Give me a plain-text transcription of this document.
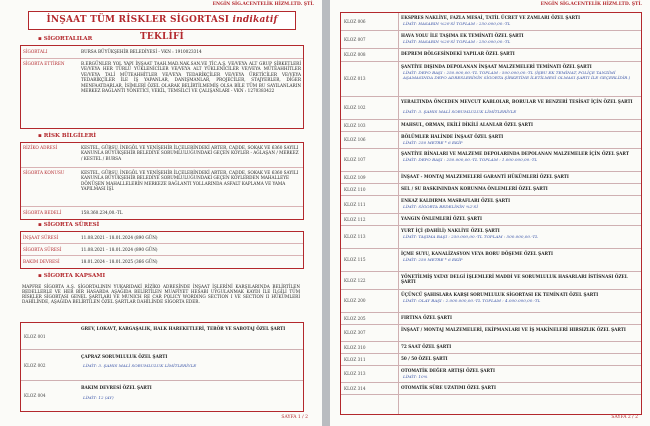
ENGİN SİG.ACENTELİK HİZM.LTD. ŞTİ.
İNŞAAT TÜM RİSKLER SİGORTASI indikatif TEKLİFİ
▪ SİGORTALILAR
SİGORTALI	BURSA BÜYÜKŞEHİR BELEDİYESİ - VKN : 1910023314
SİGORTA ETTİREN	B.ERGÜNLER YOL YAPI İNŞAAT TAAH.MAD.NAK.SAN.VE TİC.A.Ş. VE/VEYA ALT GRUP ŞİRKETLERİ VE/VEYA HER TÜRLÜ YÜKLENİCİLER VE/VEYA ALT YÜKLENİCİLER VE/VEYA MÜTEAHHİTLER VE/VEYA TALİ MÜTEAHHİTLER VE/VEYA TEDARİKÇİLER VE/VEYA ÜRETİCİLER VE/VEYA TEDARİKÇİLER İLE İŞ YAPANLAR, DANIŞMANLAR, PROJECİLER, STAJYERLER, DİĞER MENFAATDARLAR, İSİMLERİ ÖZEL OLARAK BELİRTİLMEMİŞ OLSA BİLE TÜM BU SAYILANLARIN MERKEZ BAĞLANTI YÖNETİCİ, VEKİL, TEMSİLCİ VE ÇALIŞANLARI - VKN : 1270383422
▪ RİSK BİLGİLERİ
RİZİKO ADRESİ	KESTEL, GÜRSU, İNEGÖL VE YENİŞEHİR İLÇELERİNDEKİ ARTER, CADDE, SOKAK VE 6360 SAYILI KANUNLA BÜYÜKŞEHİR BELEDİYE SORUMLULUĞUNDAKİ GEÇEN KÖYLER - AĞLAŞAN / MERKEZ / KESTEL / BURSA
SİGORTA KONUSU	KESTEL, GÜRSU, İNEGÖL VE YENİŞEHİR İLÇELERİNDEKİ ARTER, CADDE, SOKAK VE 6360 SAYILI KANUNLA BÜYÜKŞEHİR BELEDİYE SORUMLULUĞUNDAKİ GEÇEN KÖYLERDEN MAHALLEYE DÖNÜŞEN MAHALLELERİN MERKEZE BAĞLANTI YOLLARINDA ASFALT KAPLAMA VE YAMA YAPILMASI İŞİ.
SİGORTA BEDELİ	158.360.234,00.-TL
▪ SİGORTA SÜRESİ
İNŞAAT SÜRESİ	11.08.2021 - 18.01.2024 (890 GÜN)
SİGORTA SÜRESİ	11.08.2021 - 18.01.2024 (890 GÜN)
BAKIM DEVRESİ	18.01.2024 - 18.01.2025 (366 GÜN)
▪ SİGORTA KAPSAMI
MAPFRE SİGORTA A.Ş. SİGORTALININ YUKARIDAKİ RİZİKO ADRESİNDE İNŞAAT İŞLERİNİ KARŞILARINDA BELİRTİLEN BEDELLERLE VE HER BİR HASARDA AŞAĞIDA BELİRTİLEN MUAFİYET HESABI UYGULANMAK KAYDI İLE İLGİLİ TÜM RİSKLER SİGORTASI GENEL ŞARTLARI VE MUNICH RE CAR POLICY WORDING SECTION I VE SECTION II HÜKÜMLERİ DAHİLİNDE, AŞAĞIDA BELİRTİLEN ÖZEL ŞARTLAR DAHİLİNDE SİGORTA EDER.
KLOZ 001
GREV, LOKAVT, KARGAŞALIK, HALK HAREKETLERİ, TERÖR VE SABOTAJ ÖZEL ŞARTI
KLOZ 002
ÇAPRAZ SORUMLULUK ÖZEL ŞARTI
LİMİT: 3. ŞAHIS MALİ SORUMLULUK LİMİTLERİYLE
KLOZ 004
BAKIM DEVRESİ ÖZEL ŞARTI
LİMİT: 12 (AY)
SAYFA 1 / 2
ENGİN SİG.ACENTELİK HİZM.LTD. ŞTİ.
KLOZ 006
EKSPRES NAKLİYE, FAZLA MESAİ, TATİL ÜCRET VE ZAMLARI ÖZEL ŞARTI
LİMİT: HASARIN %20'Sİ TOPLAM : 250.000,00.-TL
KLOZ 007
HAVA YOLU İLE TAŞIMA EK TEMİNATI ÖZEL ŞARTI
LİMİT: HASARIN %20'Sİ TOPLAM : 250.000,00.-TL
KLOZ 008	DEPREM BÖLGESİNDEKİ YAPILAR ÖZEL ŞARTI
KLOZ 013
ŞANTİYE DIŞINDA DEPOLANAN İNŞAAT MALZEMELERİ TEMİNATI ÖZEL ŞARTI
LİMİT: DEPO BAŞI : 250.000,00.-TL TOPLAM : 500.000,00.-TL (İŞBU EK TEMİNAT, POLİÇE TANZİMİ AŞAMASINDA DEPO ADRESLERİNİN SİGORTA ŞİRKETİNE İLETİLMESİ OLMASI ŞARTI İLE GEÇERLİDİR.)
KLOZ 102
YERALTINDA ÖNCEDEN MEVCUT KABLOLAR, BORULAR VE BENZERİ TESİSAT İÇİN ÖZEL ŞARTI
LİMİT: 3. ŞAHIS MALİ SORUMLULUK LİMİTLERİYLE
KLOZ 103	MAHSUL, ORMAN, EKİLİ DİKİLİ ALANLAR ÖZEL ŞARTI
KLOZ 106
BÖLÜMLER HALİNDE İNŞAAT ÖZEL ŞARTI
LİMİT: 250 METRE * 6 EKİP
KLOZ 107
ŞANTİYE BİNALARI VE MALZEME DEPOLARINDA DEPOLANAN MALZEMELER İÇİN ÖZEL ŞART
LİMİT: DEPO BAŞI : 250.000,00.-TL TOPLAM : 1.000.000,00.-TL
KLOZ 109	İNŞAAT - MONTAJ MALZEMELERİ GARANTİ HÜKÜMLERİ ÖZEL ŞARTI
KLOZ 110	SEL / SU BASKININDAN KORUNMA ÖNLEMLERİ ÖZEL ŞARTI
KLOZ 111
ENKAZ KALDIRMA MASRAFLARI ÖZEL ŞARTI
LİMİT: SİGORTA BEDELİNİN %2'Sİ
KLOZ 112	YANGIN ÖNLEMLERİ ÖZEL ŞARTI
KLOZ 113
YURT İÇİ (DAHİLİ) NAKLİYE ÖZEL ŞARTI
LİMİT: TAŞIMA BAŞI : 250.000,00.-TL TOPLAM : 500.000,00.-TL
KLOZ 115
İÇME SUYU, KANALİZASYON VEYA BORU DÖŞEME ÖZEL ŞARTI
LİMİT: 250 METRE * 6 EKİP
KLOZ 122
YÖNETİLMİŞ YATAY DELGİ İŞLEMLERİ MADDİ VE SORUMLULUK HASARLARI İSTİSNASI ÖZEL ŞARTI
KLOZ 200
ÜÇÜNCÜ ŞAHISLARA KARŞI SORUMLULUK SİGORTASI EK TEMİNATI ÖZEL ŞARTI
LİMİT: OLAY BAŞI : 2.000.000,00.-TL TOPLAM : 4.000.000,00.-TL
KLOZ 205	FIRTINA ÖZEL ŞARTI
KLOZ 307
İNŞAAT / MONTAJ MALZEMELERİ, EKİPMANLARI VE İŞ MAKİNELERİ HIRSIZLIK ÖZEL ŞARTI
KLOZ 310	72 SAAT ÖZEL ŞARTI
KLOZ 311	50 / 50 ÖZEL ŞARTI
KLOZ 313
OTOMATİK DEĞER ARTIŞI ÖZEL ŞARTI
LİMİT: 10%
KLOZ 314	OTOMATİK SÜRE UZATIMI ÖZEL ŞARTI
SAYFA 2 / 2
